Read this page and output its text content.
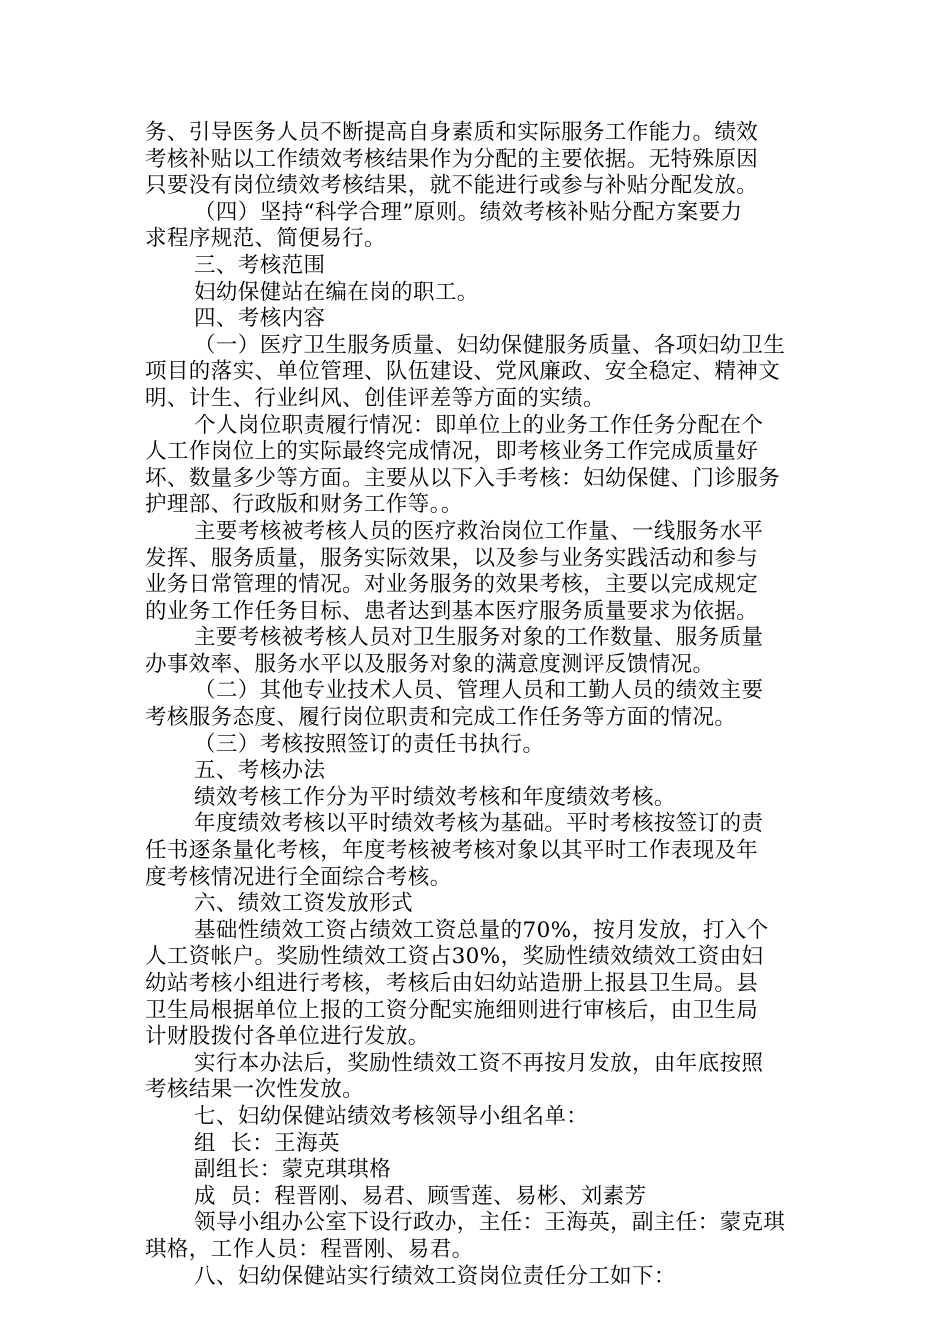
务、引导医务人员不断提高自身素质和实际服务工作能力。绩效
考核补贴以工作绩效考核结果作为分配的主要依据。无特殊原因
只要没有岗位绩效考核结果，就不能进行或参与补贴分配发放。
（四）坚持“科学合理”原则。绩效考核补贴分配方案要力
求程序规范、简便易行。
三、考核范围
妇幼保健站在编在岗的职工。
四、考核内容
（一）医疗卫生服务质量、妇幼保健服务质量、各项妇幼卫生
项目的落实、单位管理、队伍建设、党风廉政、安全稳定、精神文
明、计生、行业纠风、创佳评差等方面的实绩。
个人岗位职责履行情况：即单位上的业务工作任务分配在个
人工作岗位上的实际最终完成情况，即考核业务工作完成质量好
坏、数量多少等方面。主要从以下入手考核：妇幼保健、门诊服务
护理部、行政版和财务工作等。。
主要考核被考核人员的医疗救治岗位工作量、一线服务水平
发挥、服务质量，服务实际效果，以及参与业务实践活动和参与
业务日常管理的情况。对业务服务的效果考核，主要以完成规定
的业务工作任务目标、患者达到基本医疗服务质量要求为依据。
主要考核被考核人员对卫生服务对象的工作数量、服务质量
办事效率、服务水平以及服务对象的满意度测评反馈情况。
（二）其他专业技术人员、管理人员和工勤人员的绩效主要
考核服务态度、履行岗位职责和完成工作任务等方面的情况。
（三）考核按照签订的责任书执行。
五、考核办法
绩效考核工作分为平时绩效考核和年度绩效考核。
年度绩效考核以平时绩效考核为基础。平时考核按签订的责
任书逐条量化考核，年度考核被考核对象以其平时工作表现及年
度考核情况进行全面综合考核。
六、绩效工资发放形式
基础性绩效工资占绩效工资总量的70%，按月发放，打入个
人工资帐户。奖励性绩效工资占30%，奖励性绩效绩效工资由妇
幼站考核小组进行考核，考核后由妇幼站造册上报县卫生局。县
卫生局根据单位上报的工资分配实施细则进行审核后，由卫生局
计财股拨付各单位进行发放。
实行本办法后，奖励性绩效工资不再按月发放，由年底按照
考核结果一次性发放。
七、妇幼保健站绩效考核领导小组名单：
组  长：王海英
副组长：蒙克琪琪格
成  员：程晋刚、易君、顾雪莲、易彬、刘素芳
领导小组办公室下设行政办，主任：王海英，副主任：蒙克琪
琪格，工作人员：程晋刚、易君。
八、妇幼保健站实行绩效工资岗位责任分工如下：
